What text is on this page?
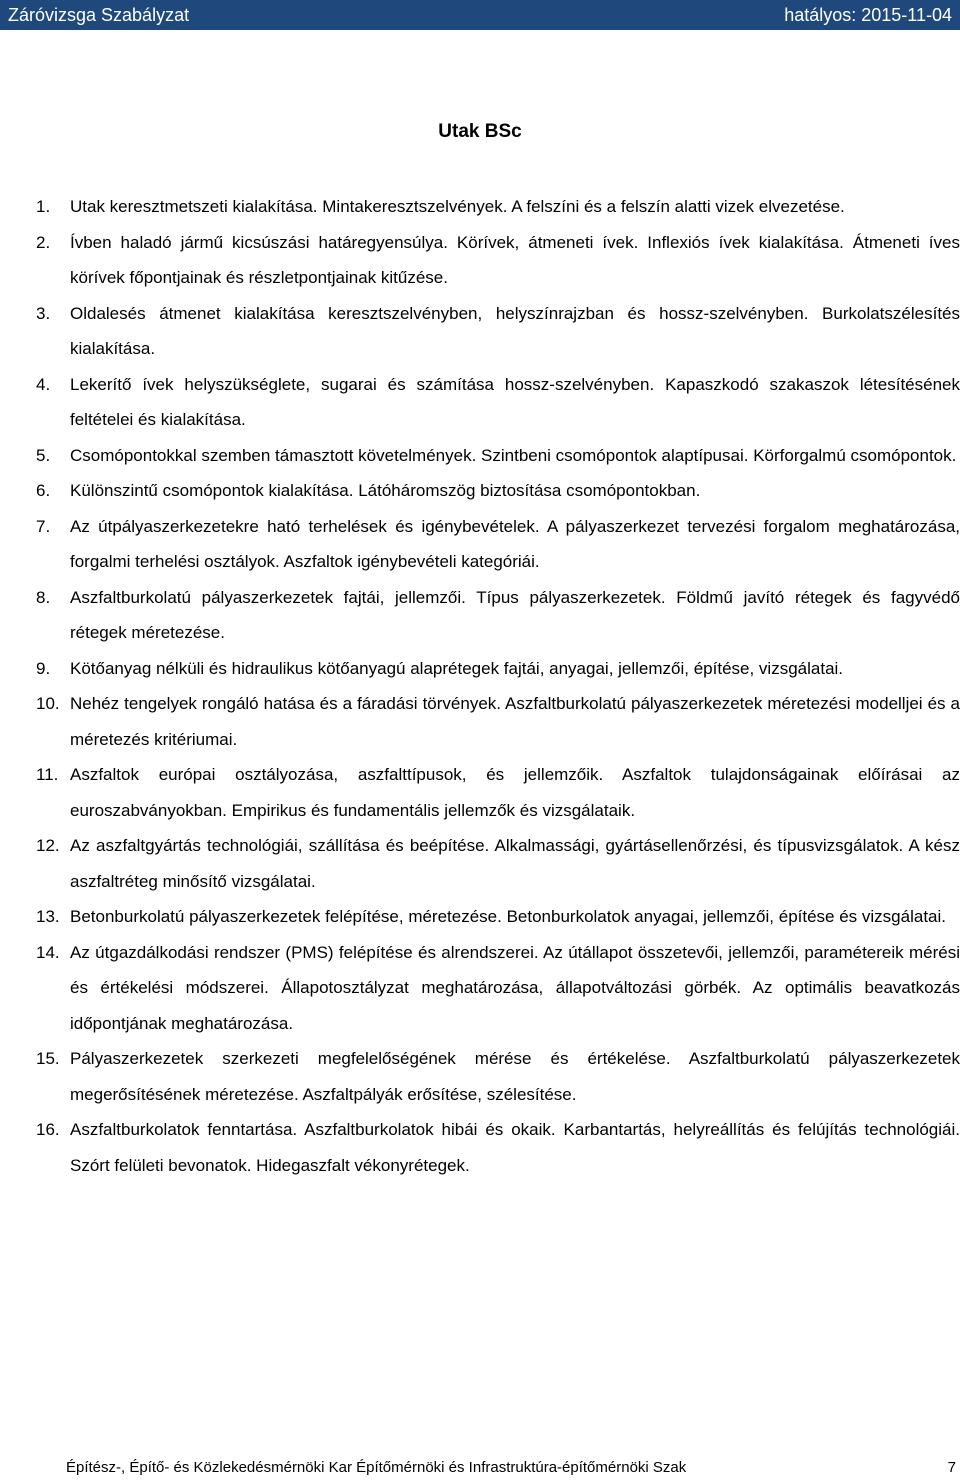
Záróvizsga Szabályzat	hatályos: 2015-11-04
Utak BSc
1. Utak keresztmetszeti kialakítása. Mintakeresztszelvények. A felszíni és a felszín alatti vizek elvezetése.
2. Ívben haladó jármű kicsúszási határegyensúlya. Körívek, átmeneti ívek. Inflexiós ívek kialakítása. Átmeneti íves körívek főpontjainak és részletpontjainak kitűzése.
3. Oldalesés átmenet kialakítása keresztszelvényben, helyszínrajzban és hossz-szelvényben. Burkolatszélesítés kialakítása.
4. Lekerítő ívek helyszükséglete, sugarai és számítása hossz-szelvényben. Kapaszkodó szakaszok létesítésének feltételei és kialakítása.
5. Csomópontokkal szemben támasztott követelmények. Szintbeni csomópontok alaptípusai. Körforgalmú csomópontok.
6. Különszintű csomópontok kialakítása. Látóháromszög biztosítása csomópontokban.
7. Az útpályaszerkezetekre ható terhelések és igénybevételek. A pályaszerkezet tervezési forgalom meghatározása, forgalmi terhelési osztályok. Aszfaltok igénybevételi kategóriái.
8. Aszfaltburkolatú pályaszerkezetek fajtái, jellemzői. Típus pályaszerkezetek. Földmű javító rétegek és fagyvédő rétegek méretezése.
9. Kötőanyag nélküli és hidraulikus kötőanyagú alaprétegek fajtái, anyagai, jellemzői, építése, vizsgálatai.
10. Nehéz tengelyek rongáló hatása és a fáradási törvények. Aszfaltburkolatú pályaszerkezetek méretezési modelljei és a méretezés kritériumai.
11. Aszfaltok európai osztályozása, aszfalttípusok, és jellemzőik. Aszfaltok tulajdonságainak előírásai az euroszabványokban. Empirikus és fundamentális jellemzők és vizsgálataik.
12. Az aszfaltgyártás technológiái, szállítása és beépítése. Alkalmassági, gyártásellenőrzési, és típusvizsgálatok. A kész aszfaltréteg minősítő vizsgálatai.
13. Betonburkolatú pályaszerkezetek felépítése, méretezése. Betonburkolatok anyagai, jellemzői, építése és vizsgálatai.
14. Az útgazdálkodási rendszer (PMS) felépítése és alrendszerei. Az útállapot összetevői, jellemzői, paramétereik mérési és értékelési módszerei. Állapotosztályzat meghatározása, állapotváltozási görbék. Az optimális beavatkozás időpontjának meghatározása.
15. Pályaszerkezetek szerkezeti megfelelőségének mérése és értékelése. Aszfaltburkolatú pályaszerkezetek megerősítésének méretezése. Aszfaltpályák erősítése, szélesítése.
16. Aszfaltburkolatok fenntartása. Aszfaltburkolatok hibái és okaik. Karbantartás, helyreállítás és felújítás technológiái. Szórt felületi bevonatok. Hidegaszfalt vékonyrétegek.
Építész-, Építő- és Közlekedésmérnöki Kar Építőmérnöki és Infrastruktúra-építőmérnöki Szak	7
